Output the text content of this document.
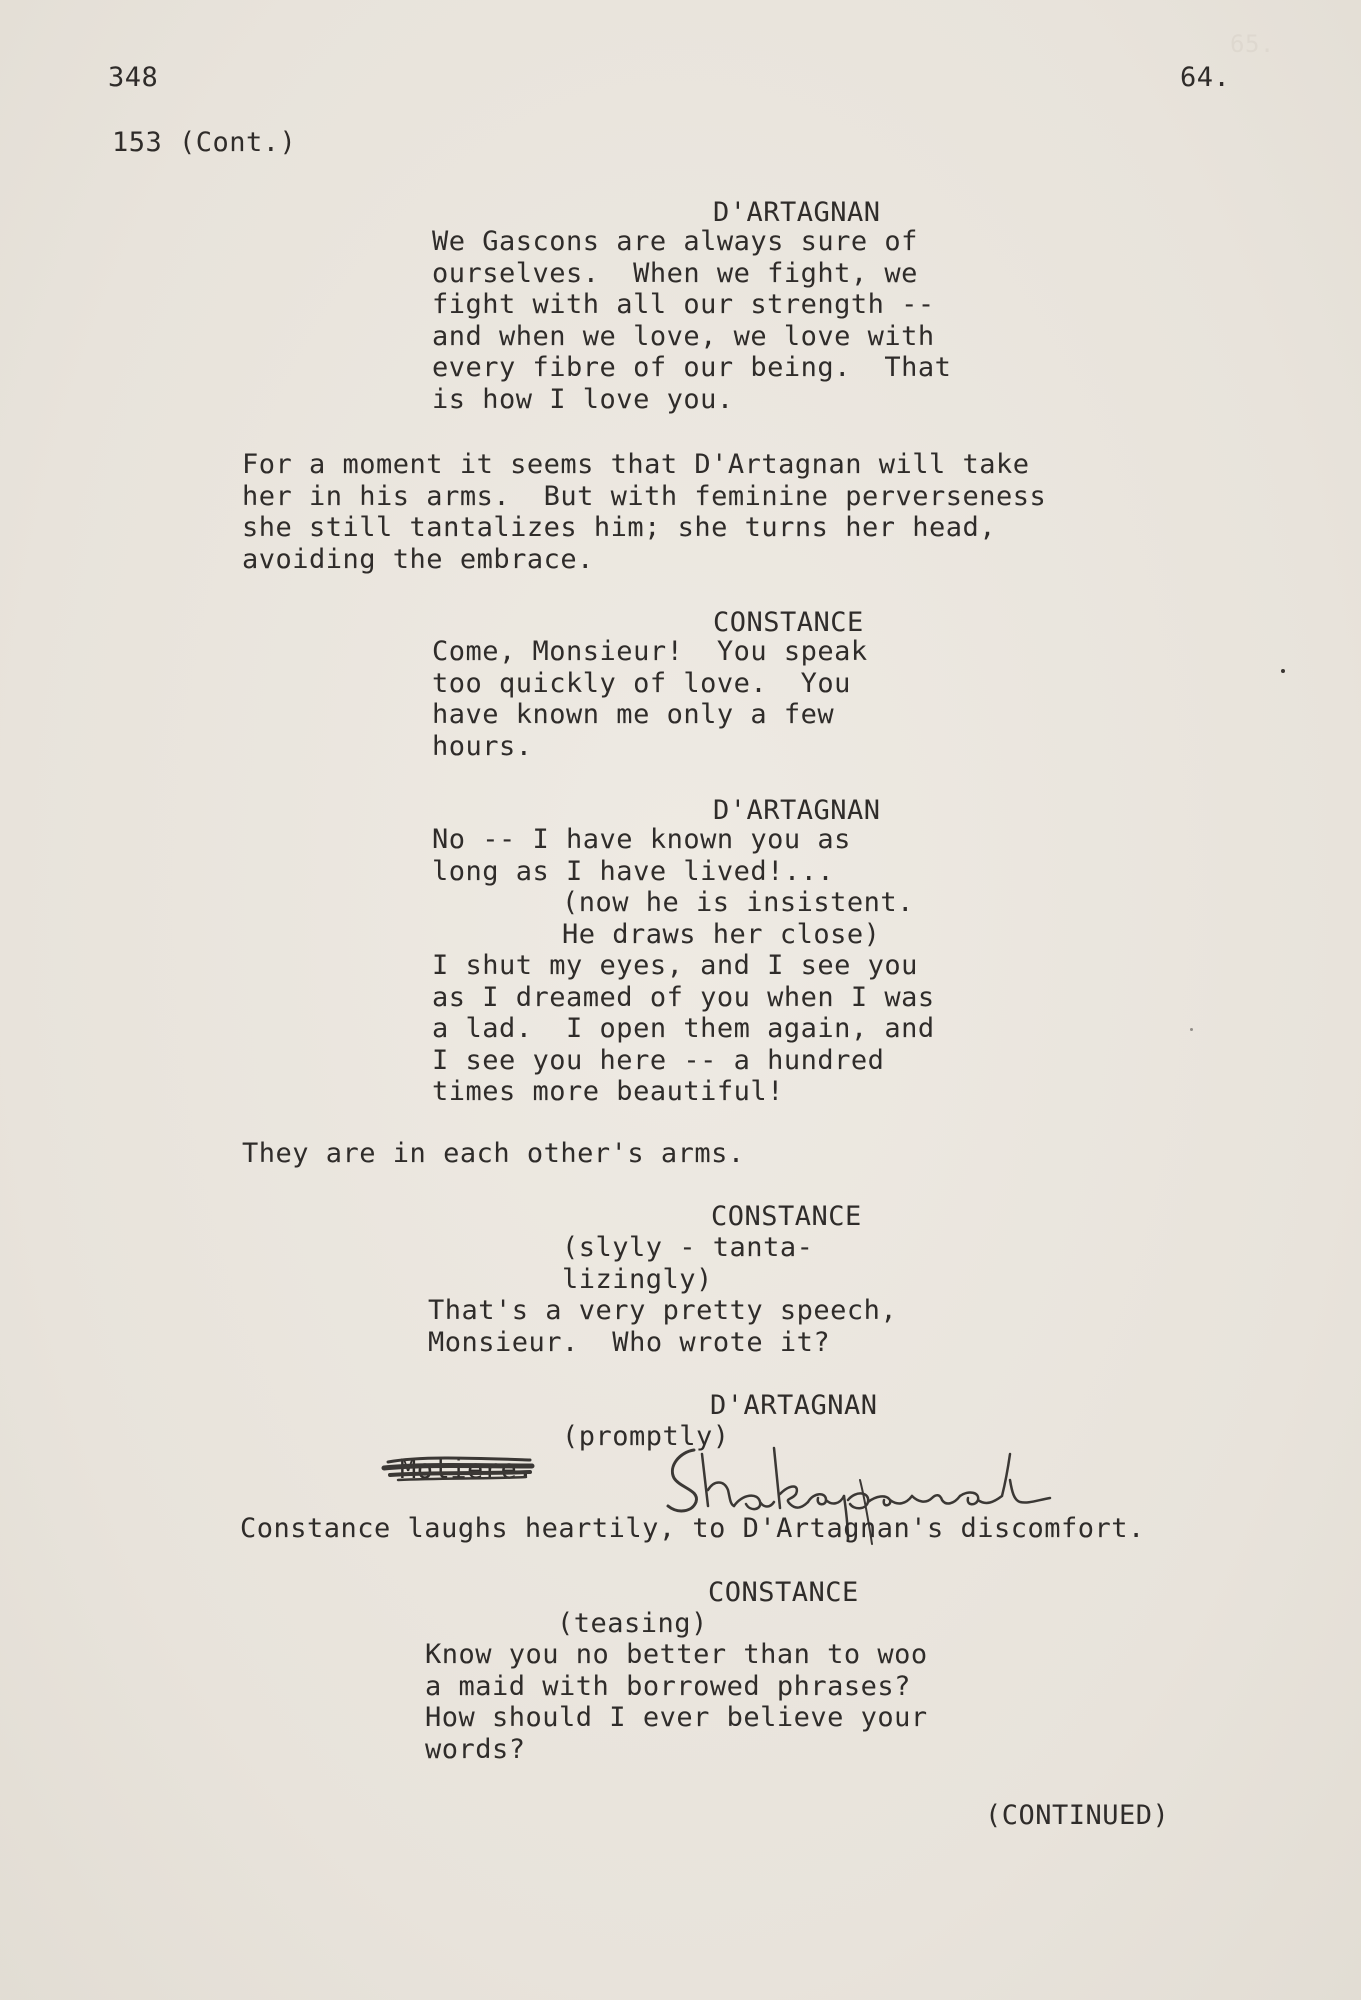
65.
348	64.
153 (Cont.)
D'ARTAGNAN
We Gascons are always sure of
ourselves.  When we fight, we
fight with all our strength --
and when we love, we love with
every fibre of our being.  That
is how I love you.
For a moment it seems that D'Artagnan will take
her in his arms.  But with feminine perverseness
she still tantalizes him; she turns her head,
avoiding the embrace.
CONSTANCE
Come, Monsieur!  You speak
too quickly of love.  You
have known me only a few
hours.
D'ARTAGNAN
No -- I have known you as
long as I have lived!...
(now he is insistent.
He draws her close)
I shut my eyes, and I see you
as I dreamed of you when I was
a lad.  I open them again, and
I see you here -- a hundred
times more beautiful!
They are in each other's arms.
CONSTANCE
(slyly - tanta-
lizingly)
That's a very pretty speech,
Monsieur.  Who wrote it?
D'ARTAGNAN
(promptly)
Moliere.
Constance laughs heartily, to D'Artagnan's discomfort.
CONSTANCE
(teasing)
Know you no better than to woo
a maid with borrowed phrases?
How should I ever believe your
words?
(CONTINUED)
